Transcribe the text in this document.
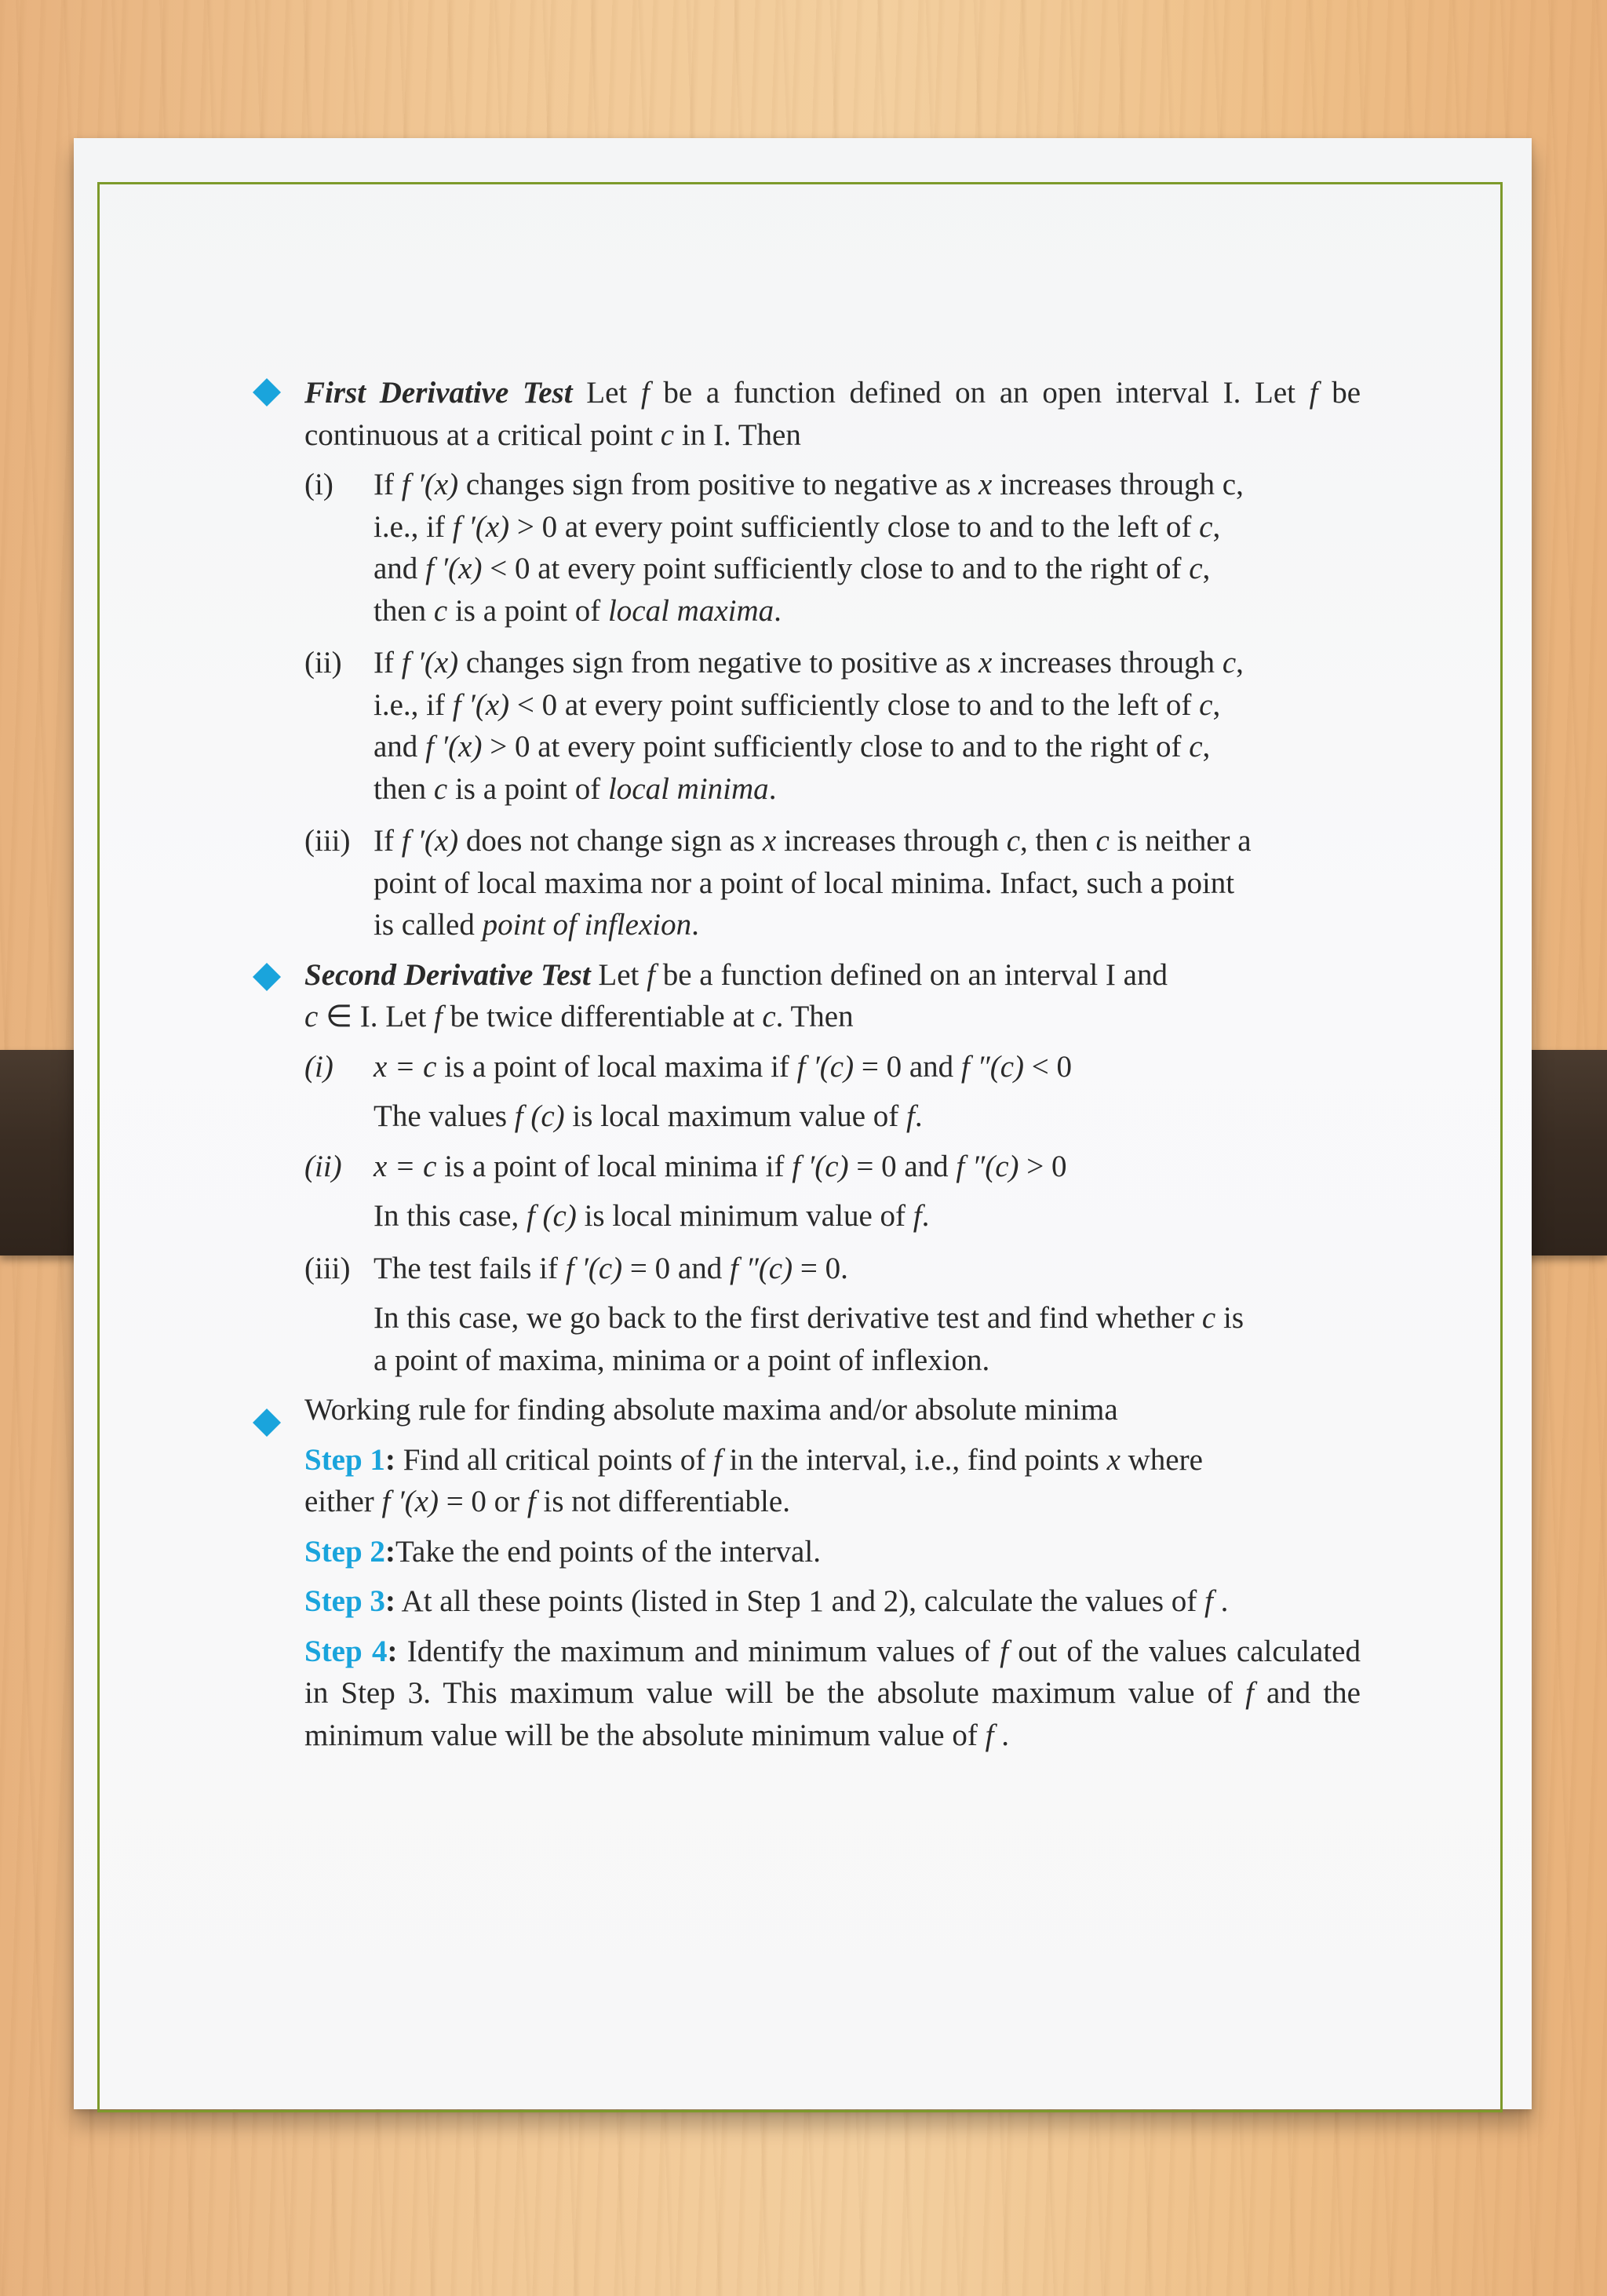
First Derivative Test Let f be a function defined on an open interval I. Let f be continuous at a critical point c in I. Then

(i) If f ′(x) changes sign from positive to negative as x increases through c,
i.e., if f ′(x) > 0 at every point sufficiently close to and to the left of c,
and f ′(x) < 0 at every point sufficiently close to and to the right of c,
then c is a point of local maxima.
(ii) If f ′(x) changes sign from negative to positive as x increases through c,
i.e., if f ′(x) < 0 at every point sufficiently close to and to the left of c,
and f ′(x) > 0 at every point sufficiently close to and to the right of c,
then c is a point of local minima.
(iii) If f ′(x) does not change sign as x increases through c, then c is neither a
point of local maxima nor a point of local minima. Infact, such a point
is called point of inflexion.

Second Derivative Test Let f be a function defined on an interval I and
c ∈ I. Let f be twice differentiable at c. Then

(i) x = c is a point of local maxima if f ′(c) = 0 and f ″(c) < 0
The values f (c) is local maximum value of f.
(ii) x = c is a point of local minima if f ′(c) = 0 and f ″(c) > 0
In this case, f (c) is local minimum value of f.
(iii) The test fails if f ′(c) = 0 and f ″(c) = 0.
In this case, we go back to the first derivative test and find whether c is
a point of maxima, minima or a point of inflexion.

Working rule for finding absolute maxima and/or absolute minima

Step 1: Find all critical points of f in the interval, i.e., find points x where
either f ′(x) = 0 or f is not differentiable.

Step 2:Take the end points of the interval.

Step 3: At all these points (listed in Step 1 and 2), calculate the values of f .

Step 4: Identify the maximum and minimum values of f out of the values calculated in Step 3. This maximum value will be the absolute maximum value of f and the minimum value will be the absolute minimum value of f .
